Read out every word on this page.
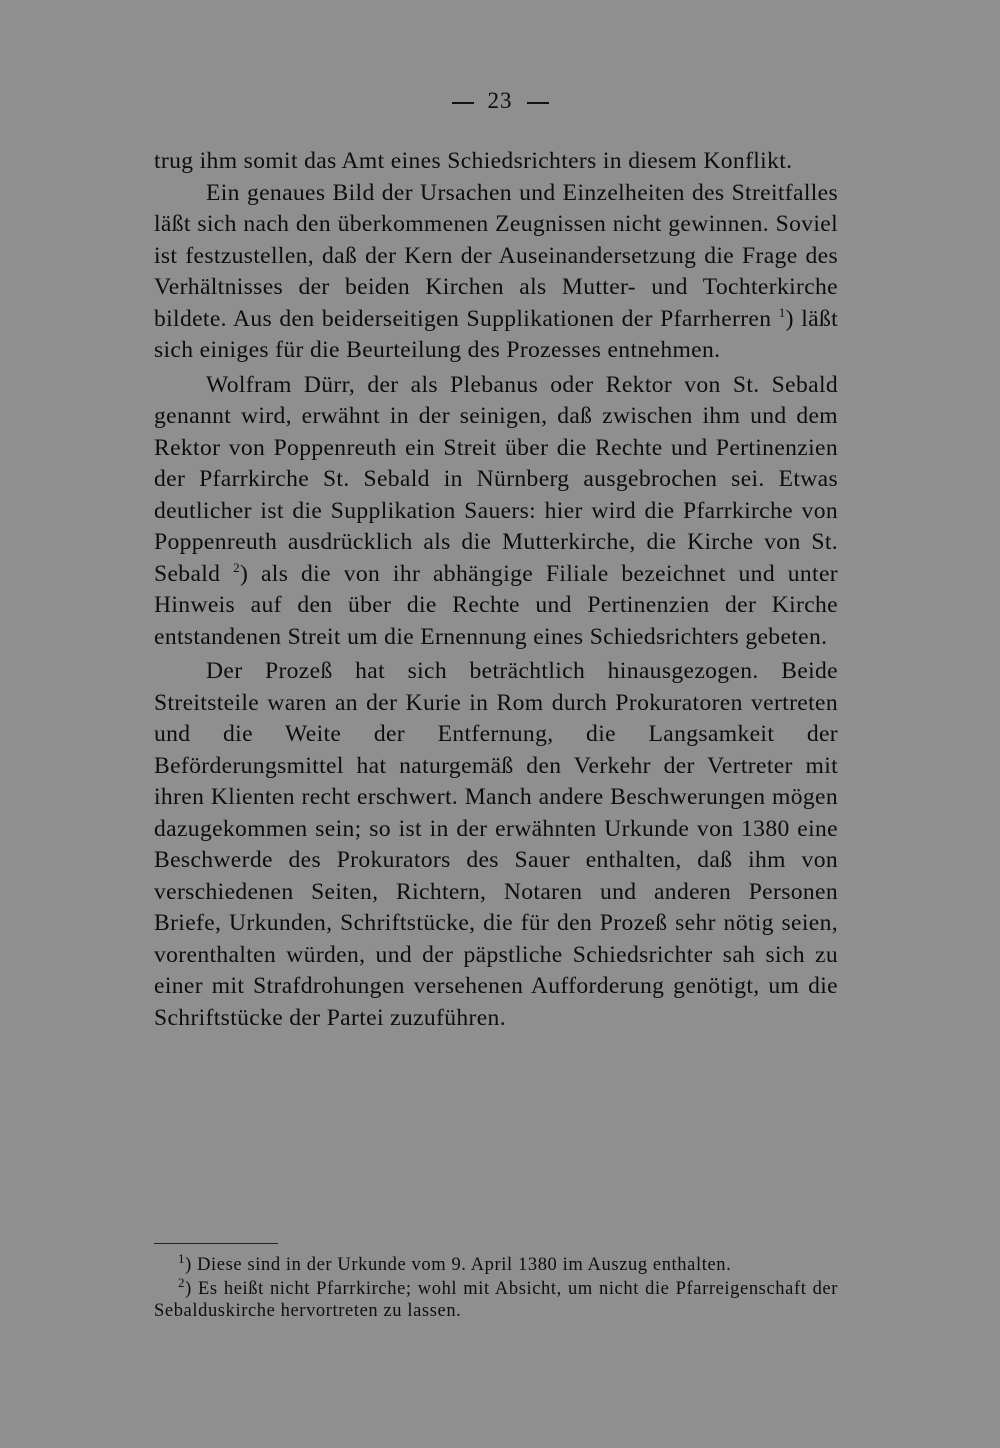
23

trug ihm somit das Amt eines Schiedsrichters in diesem Konflikt.

Ein genaues Bild der Ursachen und Einzelheiten des Streitfalles läßt sich nach den überkommenen Zeugnissen nicht gewinnen. Soviel ist festzustellen, daß der Kern der Auseinandersetzung die Frage des Verhältnisses der beiden Kirchen als Mutter- und Tochterkirche bildete. Aus den beiderseitigen Supplikationen der Pfarrherren $^1$) läßt sich einiges für die Beurteilung des Prozesses entnehmen.

Wolfram Dürr, der als Plebanus oder Rektor von St. Sebald genannt wird, erwähnt in der seinigen, daß zwischen ihm und dem Rektor von Poppenreuth ein Streit über die Rechte und Pertinenzien der Pfarrkirche St. Sebald in Nürnberg ausgebrochen sei. Etwas deutlicher ist die Supplikation Sauers: hier wird die Pfarrkirche von Poppenreuth ausdrücklich als die Mutterkirche, die Kirche von St. Sebald $^2$) als die von ihr abhängige Filiale bezeichnet und unter Hinweis auf den über die Rechte und Pertinenzien der Kirche entstandenen Streit um die Ernennung eines Schiedsrichters gebeten.

Der Prozeß hat sich beträchtlich hinausgezogen. Beide Streitsteile waren an der Kurie in Rom durch Prokuratoren vertreten und die Weite der Entfernung, die Langsamkeit der Beförderungsmittel hat naturgemäß den Verkehr der Vertreter mit ihren Klienten recht erschwert. Manch andere Beschwerungen mögen dazugekommen sein; so ist in der erwähnten Urkunde von 1380 eine Beschwerde des Prokurators des Sauer enthalten, daß ihm von verschiedenen Seiten, Richtern, Notaren und anderen Personen Briefe, Urkunden, Schriftstücke, die für den Prozeß sehr nötig seien, vorenthalten würden, und der päpstliche Schiedsrichter sah sich zu einer mit Strafdrohungen versehenen Aufforderung genötigt, um die Schriftstücke der Partei zuzuführen.

$^1$) Diese sind in der Urkunde vom 9. April 1380 im Auszug enthalten.

$^2$) Es heißt nicht Pfarrkirche; wohl mit Absicht, um nicht die Pfarreigenschaft der Sebalduskirche hervortreten zu lassen.
